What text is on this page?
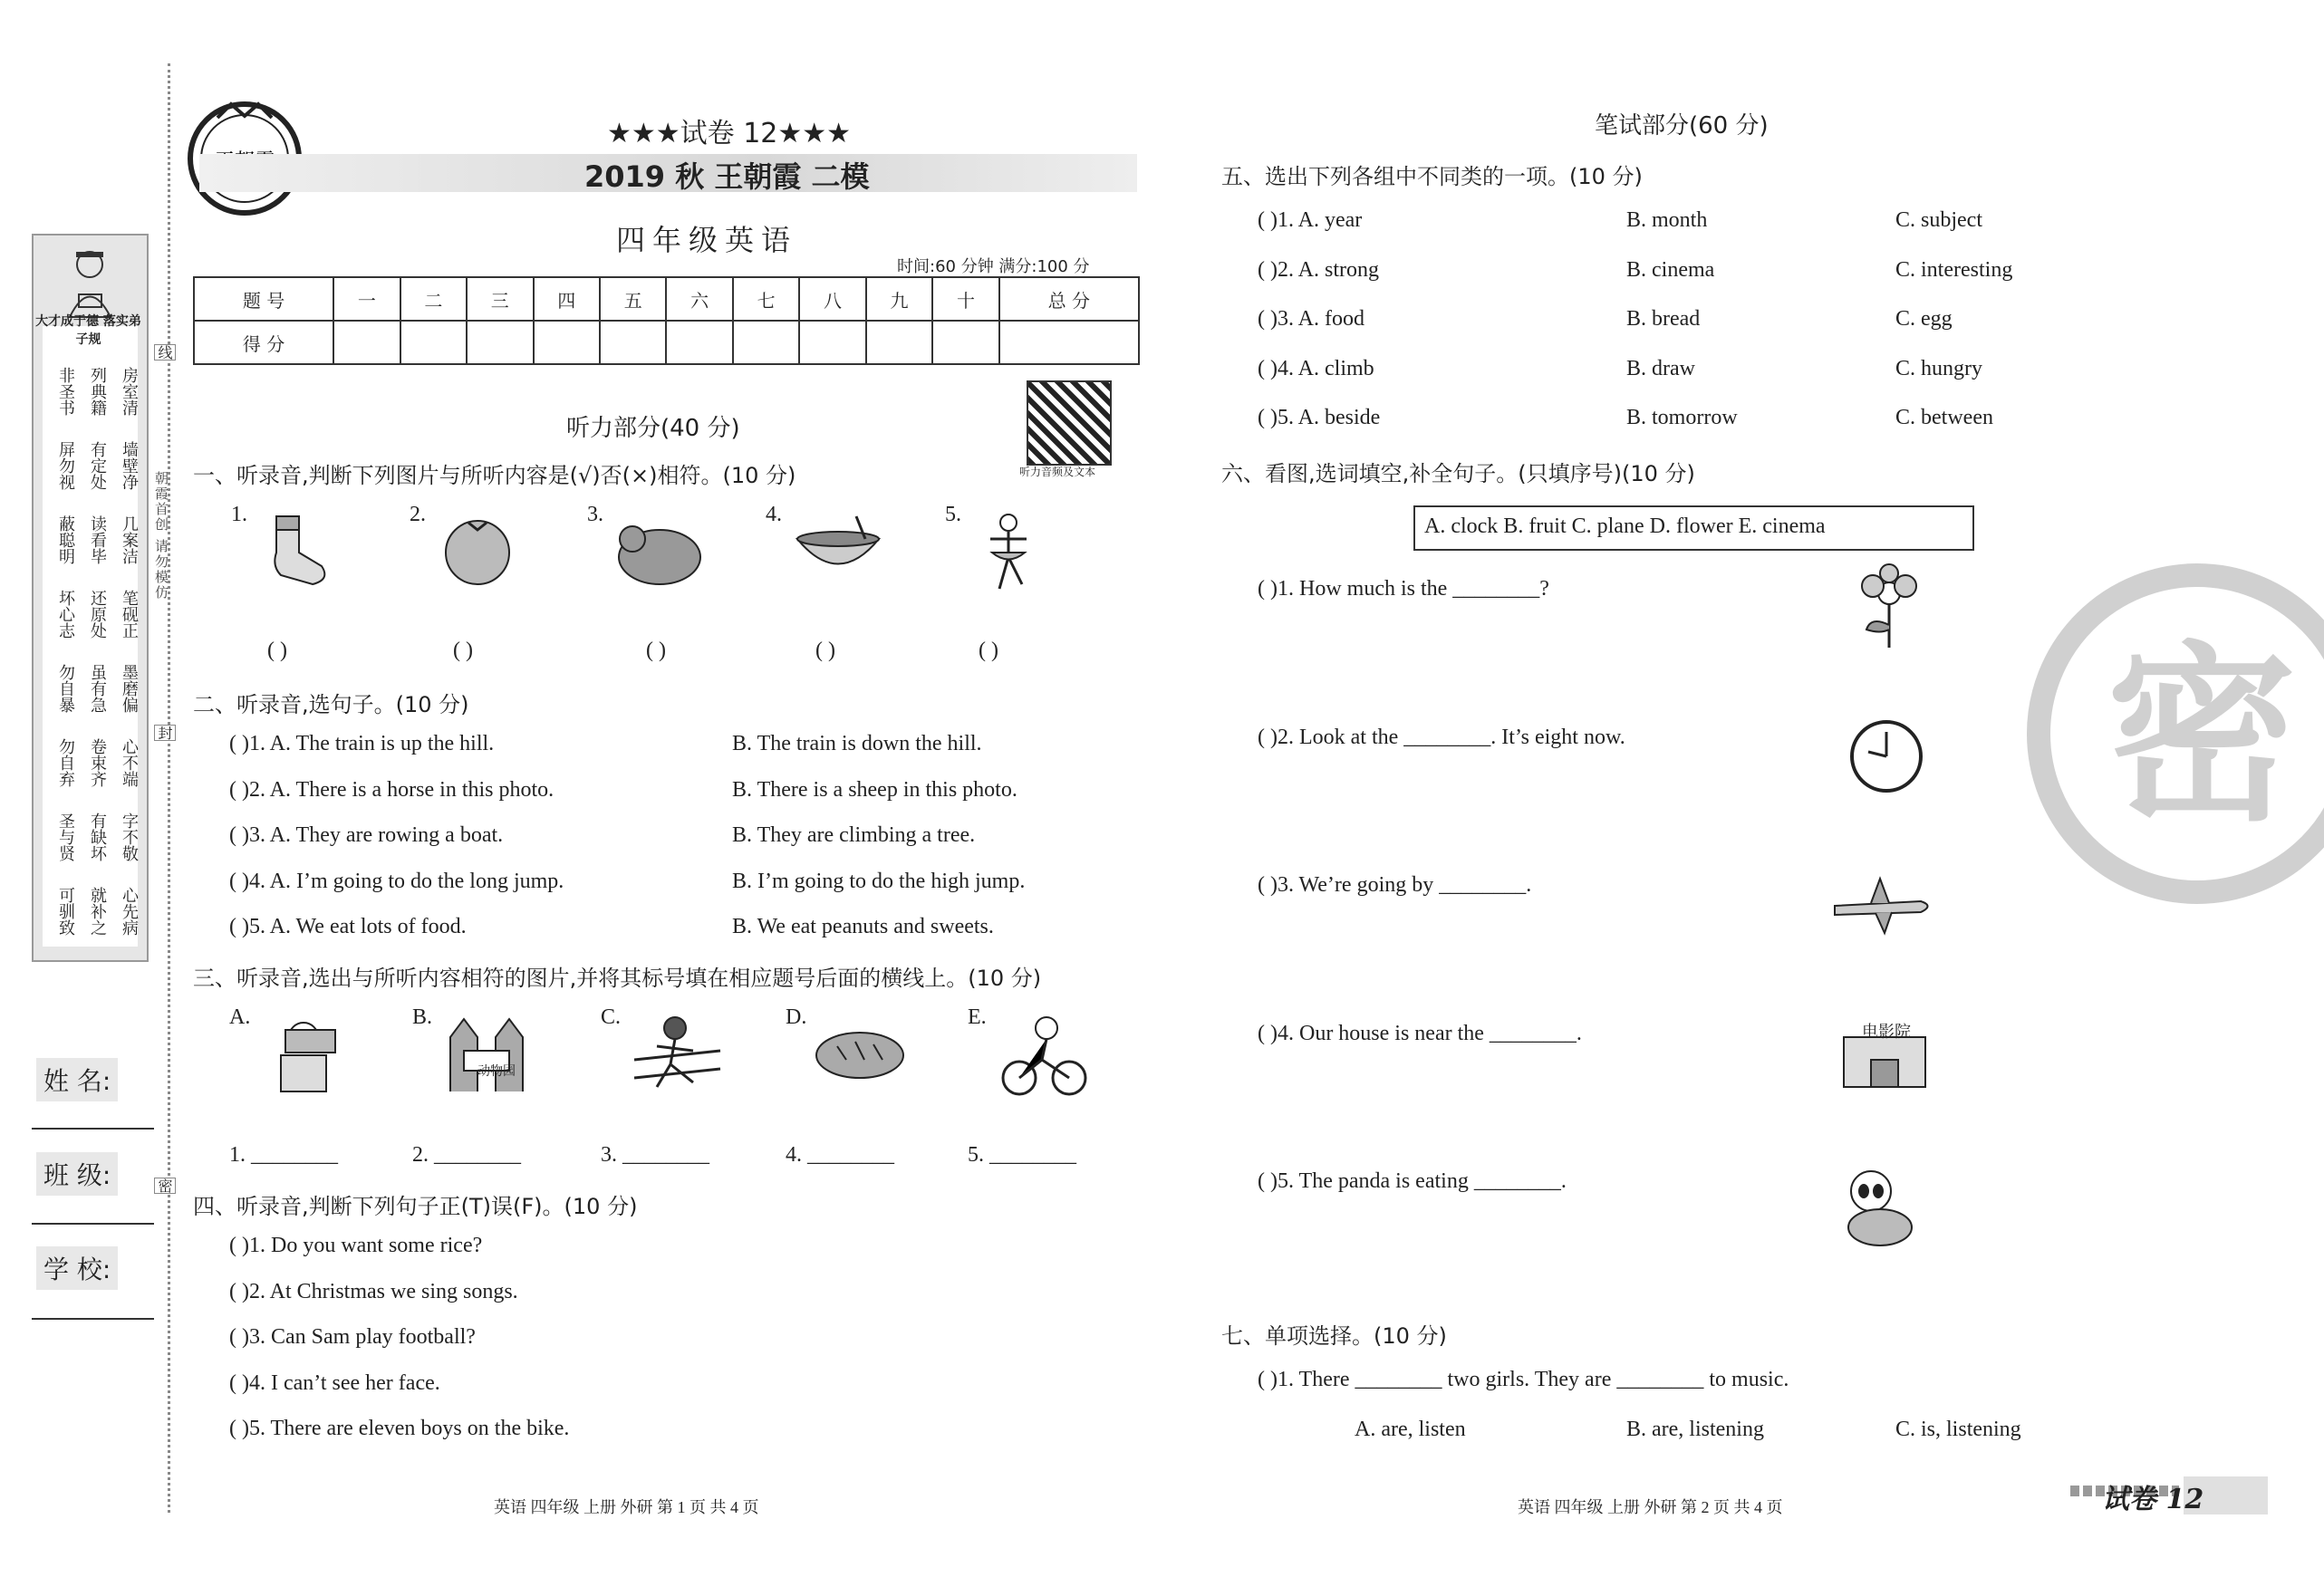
大才成于德 落实弟子规
非圣书 列典籍 房室清
屏勿视 有定处 墙壁净
蔽聪明 读看毕 几案洁
坏心志 还原处 笔砚正
勿自暴 虽有急 墨磨偏
勿自弃 卷束齐 心不端
圣与贤 有缺坏 字不敬
可驯致 就补之 心先病
姓 名:
班 级:
学 校:
线
封
密
朝霞首创 请勿模仿
★★★试卷 12★★★
2019 秋 王朝霞 二模
四年级英语
时间:60 分钟 满分:100 分
题 号	一	二	三	四	五	六	七	八	九	十	总 分
得 分											
听力部分(40 分)
听力音频及文本
一、听录音,判断下列图片与所听内容是(√)否(×)相符。(10 分)
1.
( )
2.
( )
3.
( )
4.
( )
5.
( )
二、听录音,选句子。(10 分)
( )1. A. The train is up the hill.	B. The train is down the hill.
( )2. A. There is a horse in this photo.	B. There is a sheep in this photo.
( )3. A. They are rowing a boat.	B. They are climbing a tree.
( )4. A. I’m going to do the long jump.	B. I’m going to do the high jump.
( )5. A. We eat lots of food.	B. We eat peanuts and sweets.
三、听录音,选出与所听内容相符的图片,并将其标号填在相应题号后面的横线上。(10 分)
A.
1. ________
B.
2. ________
C.
3. ________
D.
4. ________
E.
5. ________
动物园
四、听录音,判断下列句子正(T)误(F)。(10 分)
( )1. Do you want some rice?
( )2. At Christmas we sing songs.
( )3. Can Sam play football?
( )4. I can’t see her face.
( )5. There are eleven boys on the bike.
英语 四年级 上册 外研 第 1 页 共 4 页
笔试部分(60 分)
五、选出下列各组中不同类的一项。(10 分)
( )1. A. year	B. month	C. subject
( )2. A. strong	B. cinema	C. interesting
( )3. A. food	B. bread	C. egg
( )4. A. climb	B. draw	C. hungry
( )5. A. beside	B. tomorrow	C. between
六、看图,选词填空,补全句子。(只填序号)(10 分)
A. clock B. fruit C. plane D. flower E. cinema
( )1. How much is the ________?
( )2. Look at the ________. It’s eight now.
( )3. We’re going by ________.
( )4. Our house is near the ________.
( )5. The panda is eating ________.
电影院
七、单项选择。(10 分)
( )1. There ________ two girls. They are ________ to music.
A. are, listen	B. are, listening	C. is, listening
英语 四年级 上册 外研 第 2 页 共 4 页
密
试卷 12
